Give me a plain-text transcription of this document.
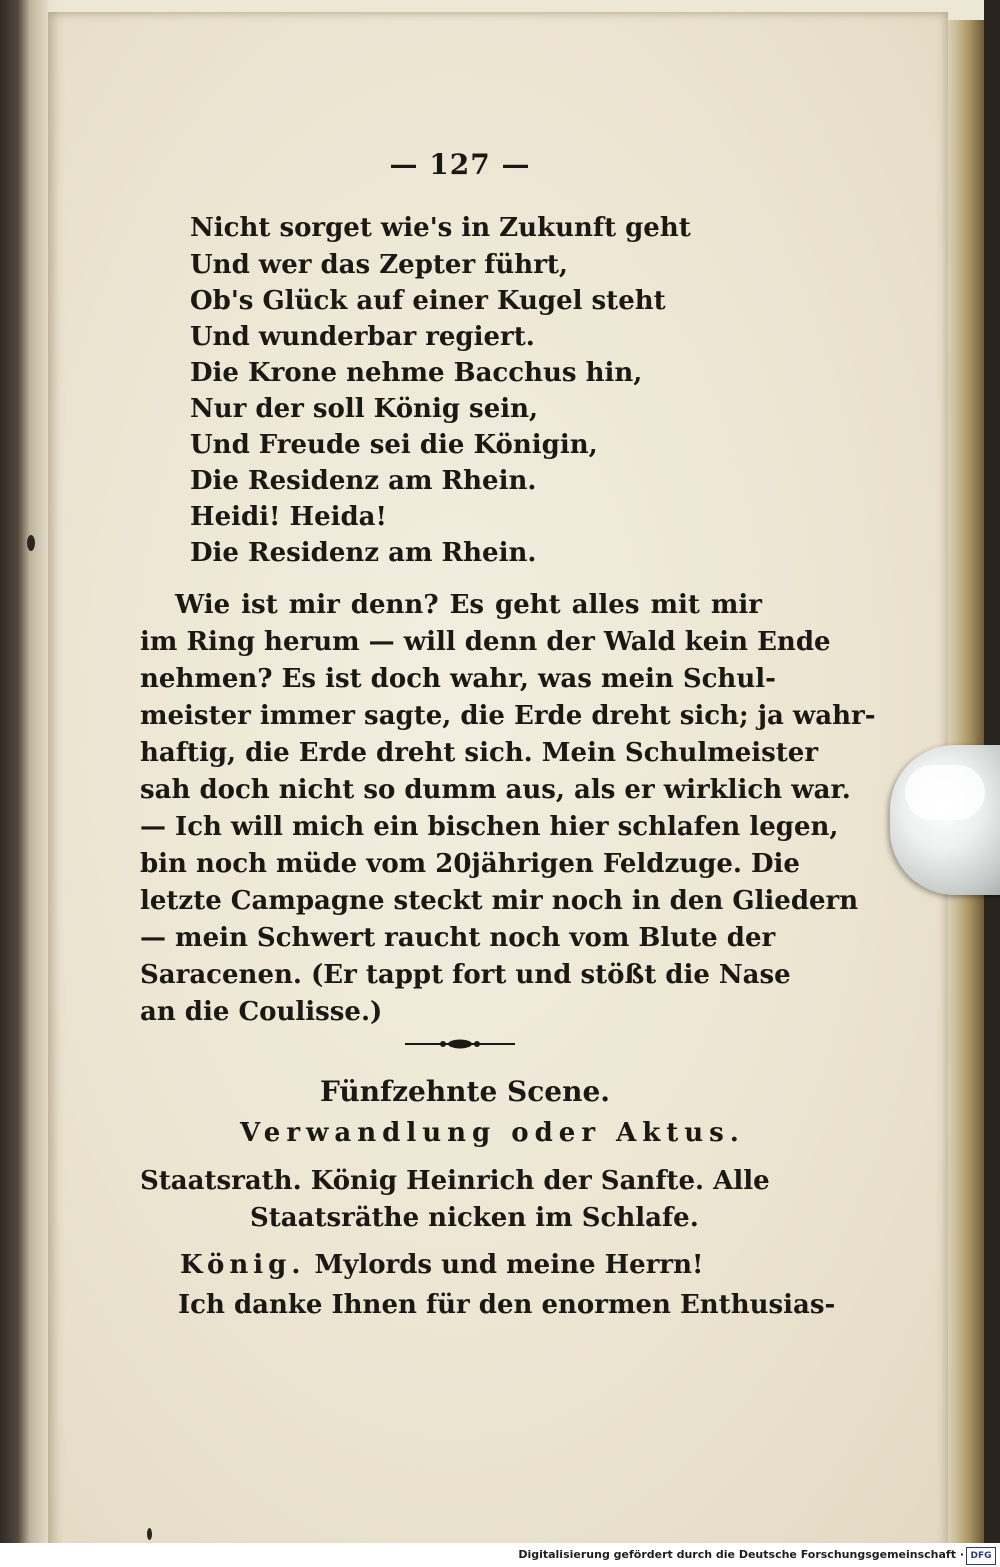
— 127 —
Nicht sorget wie's in Zukunft geht
Und wer das Zepter führt,
Ob's Glück auf einer Kugel steht
Und wunderbar regiert.
Die Krone nehme Bacchus hin,
Nur der soll König sein,
Und Freude sei die Königin,
Die Residenz am Rhein.
Heidi! Heida!
Die Residenz am Rhein.
Wie ist mir denn? Es geht alles mit mir
im Ring herum — will denn der Wald kein Ende
nehmen? Es ist doch wahr, was mein Schul-
meister immer sagte, die Erde dreht sich; ja wahr-
haftig, die Erde dreht sich. Mein Schulmeister
sah doch nicht so dumm aus, als er wirklich war.
— Ich will mich ein bischen hier schlafen legen,
bin noch müde vom 20jährigen Feldzuge. Die
letzte Campagne steckt mir noch in den Gliedern
— mein Schwert raucht noch vom Blute der
Saracenen. (Er tappt fort und stößt die Nase
an die Coulisse.)
Fünfzehnte Scene.
Verwandlung oder Aktus.
Staatsrath. König Heinrich der Sanfte. Alle
Staatsräthe nicken im Schlafe.
König. Mylords und meine Herrn!
Ich danke Ihnen für den enormen Enthusias-
Digitalisierung gefördert durch die Deutsche Forschungsgemeinschaft · DFG
